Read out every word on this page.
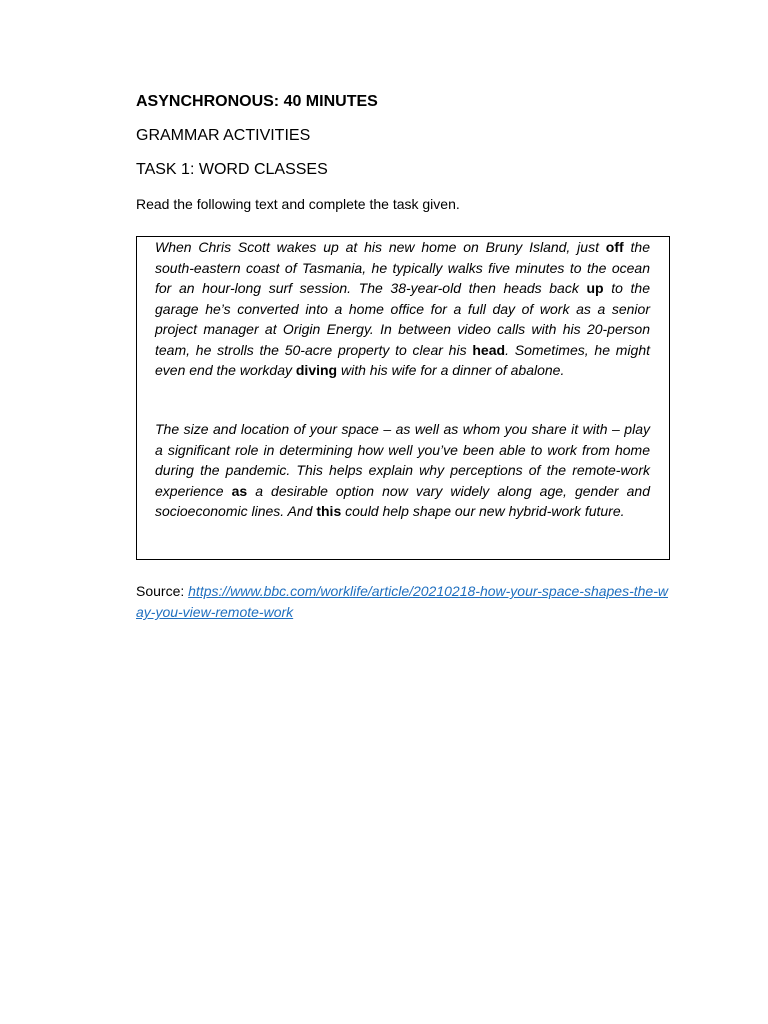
ASYNCHRONOUS: 40 MINUTES
GRAMMAR ACTIVITIES
TASK 1: WORD CLASSES
Read the following text and complete the task given.

When Chris Scott wakes up at his new home on Bruny Island, just off the south-eastern coast of Tasmania, he typically walks five minutes to the ocean for an hour-long surf session. The 38-year-old then heads back up to the garage he’s converted into a home office for a full day of work as a senior project manager at Origin Energy. In between video calls with his 20-person team, he strolls the 50-acre property to clear his head. Sometimes, he might even end the workday diving with his wife for a dinner of abalone.

The size and location of your space – as well as whom you share it with – play a significant role in determining how well you’ve been able to work from home during the pandemic. This helps explain why perceptions of the remote-work experience as a desirable option now vary widely along age, gender and socioeconomic lines. And this could help shape our new hybrid-work future.

Source: https://www.bbc.com/worklife/article/20210218-how-your-space-shapes-the-way-you-view-remote-work
